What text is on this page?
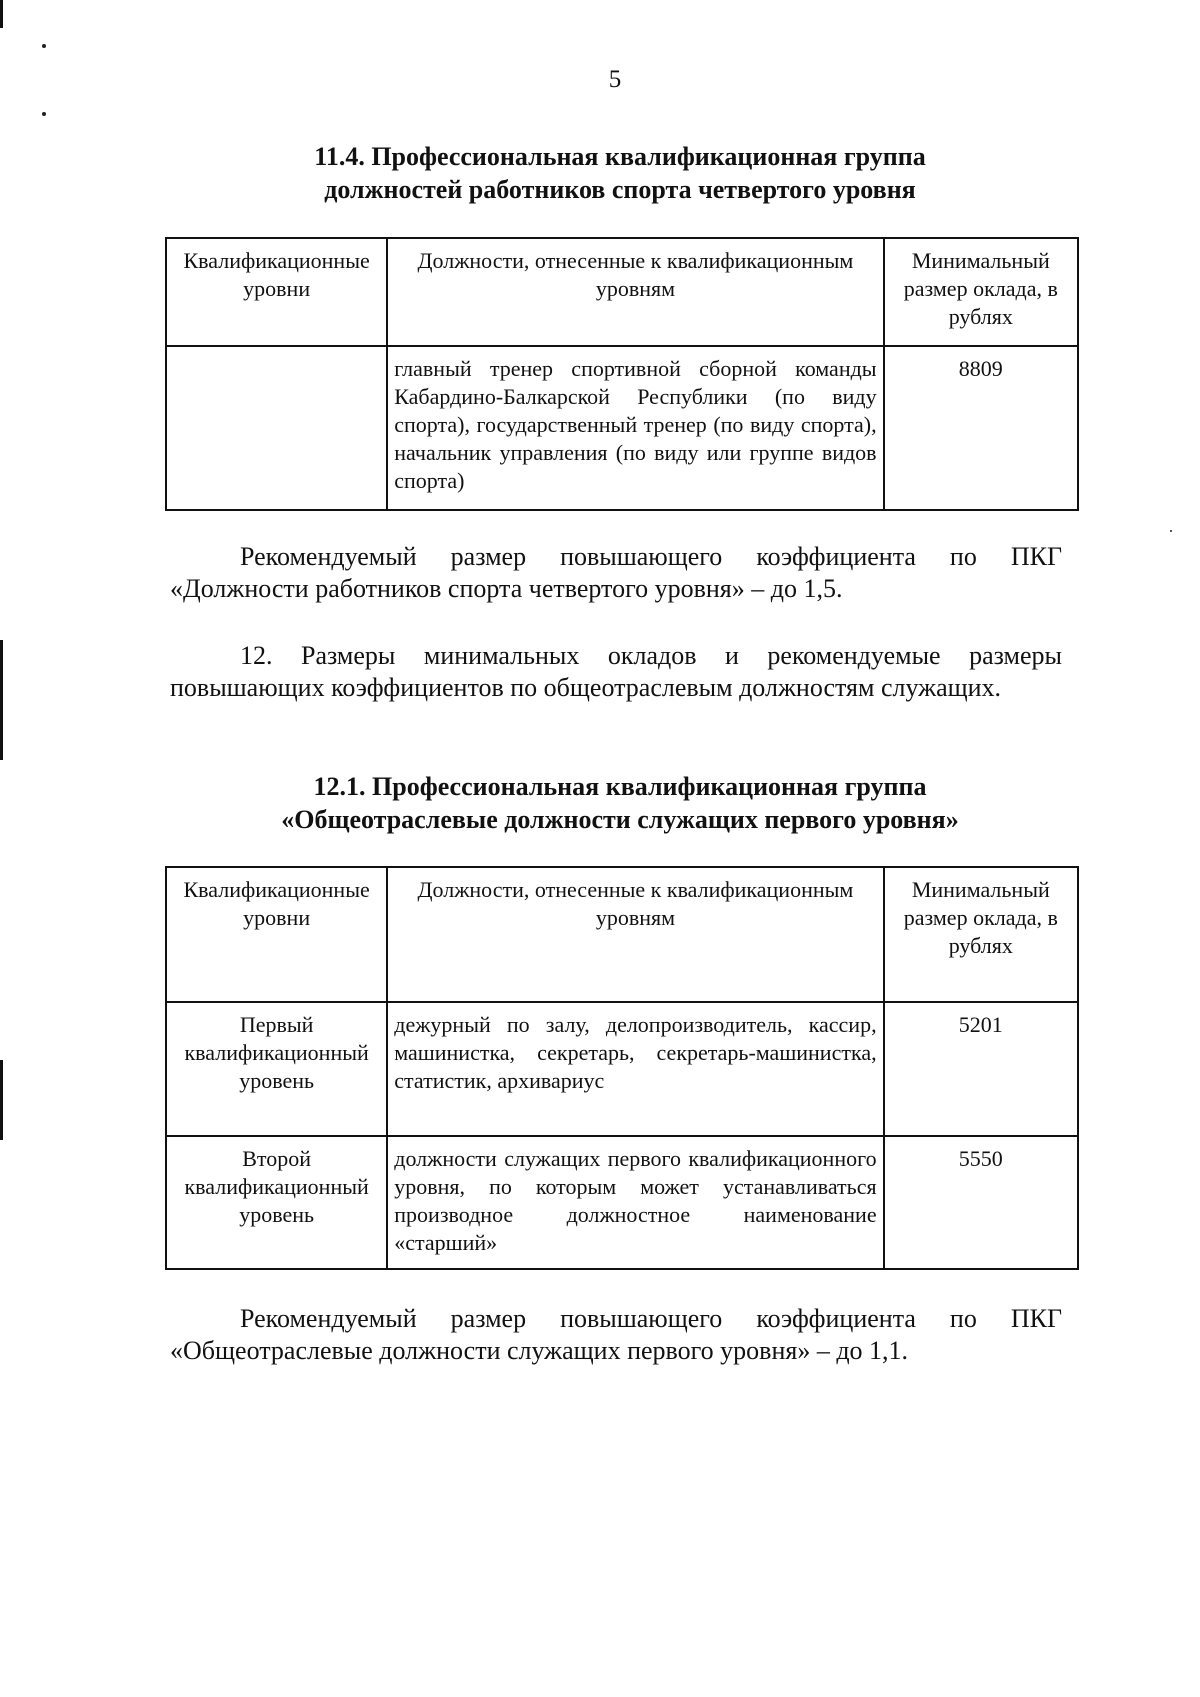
5
11.4. Профессиональная квалификационная группа
должностей работников спорта четвертого уровня
Квалификационные уровни	Должности, отнесенные к квалификационным уровням	Минимальный размер оклада, в рублях
	главный тренер спортивной сборной команды Кабардино-Балкарской Республики (по виду спорта), государственный тренер (по виду спорта), начальник управления (по виду или группе видов спорта)	8809
Рекомендуемый размер повышающего коэффициента по ПКГ «Должности работников спорта четвертого уровня» – до 1,5.
12. Размеры минимальных окладов и рекомендуемые размеры повышающих коэффициентов по общеотраслевым должностям служащих.
12.1. Профессиональная квалификационная группа
«Общеотраслевые должности служащих первого уровня»
Квалификационные уровни	Должности, отнесенные к квалификационным уровням	Минимальный размер оклада, в рублях
Первый квалификационный уровень	дежурный по залу, делопроизводитель, кассир, машинистка, секретарь, секретарь-машинистка, статистик, архивариус	5201
Второй квалификационный уровень	должности служащих первого квалификационного уровня, по которым может устанавливаться производное должностное наименование «старший»	5550
Рекомендуемый размер повышающего коэффициента по ПКГ «Общеотраслевые должности служащих первого уровня» – до 1,1.
